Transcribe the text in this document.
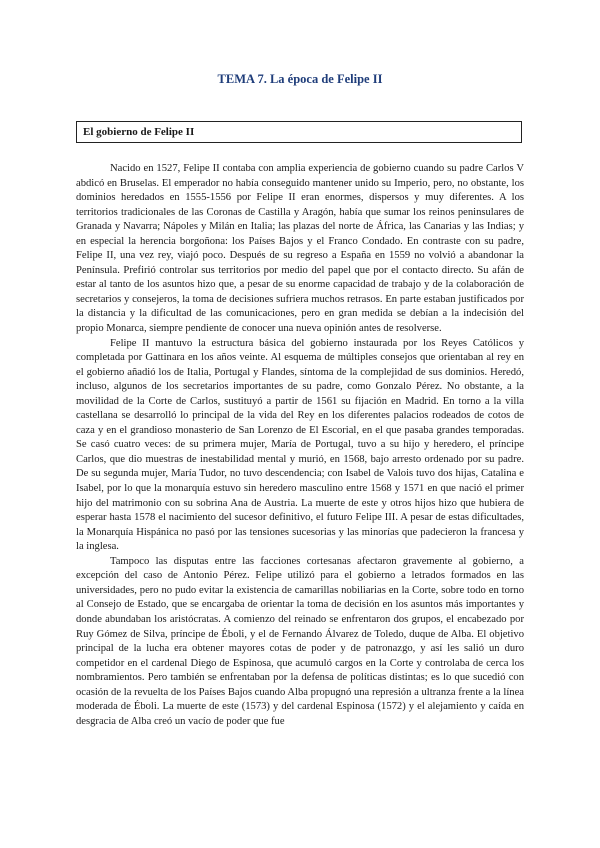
TEMA 7. La época de Felipe II
El gobierno de Felipe II

Nacido en 1527, Felipe II contaba con amplia experiencia de gobierno cuando su padre Carlos V abdicó en Bruselas. El emperador no había conseguido mantener unido su Imperio, pero, no obstante, los dominios heredados en 1555-1556 por Felipe II eran enormes, dispersos y muy diferentes. A los territorios tradicionales de las Coronas de Castilla y Aragón, había que sumar los reinos peninsulares de Granada y Navarra; Nápoles y Milán en Italia; las plazas del norte de África, las Canarias y las Indias; y en especial la herencia borgoñona: los Países Bajos y el Franco Condado. En contraste con su padre, Felipe II, una vez rey, viajó poco. Después de su regreso a España en 1559 no volvió a abandonar la Península. Prefirió controlar sus territorios por medio del papel que por el contacto directo. Su afán de estar al tanto de los asuntos hizo que, a pesar de su enorme capacidad de trabajo y de la colaboración de secretarios y consejeros, la toma de decisiones sufriera muchos retrasos. En parte estaban justificados por la distancia y la dificultad de las comunicaciones, pero en gran medida se debían a la indecisión del propio Monarca, siempre pendiente de conocer una nueva opinión antes de resolverse.

Felipe II mantuvo la estructura básica del gobierno instaurada por los Reyes Católicos y completada por Gattinara en los años veinte. Al esquema de múltiples consejos que orientaban al rey en el gobierno añadió los de Italia, Portugal y Flandes, síntoma de la complejidad de sus dominios. Heredó, incluso, algunos de los secretarios importantes de su padre, como Gonzalo Pérez. No obstante, a la movilidad de la Corte de Carlos, sustituyó a partir de 1561 su fijación en Madrid. En torno a la villa castellana se desarrolló lo principal de la vida del Rey en los diferentes palacios rodeados de cotos de caza y en el grandioso monasterio de San Lorenzo de El Escorial, en el que pasaba grandes temporadas. Se casó cuatro veces: de su primera mujer, María de Portugal, tuvo a su hijo y heredero, el príncipe Carlos, que dio muestras de inestabilidad mental y murió, en 1568, bajo arresto ordenado por su padre. De su segunda mujer, María Tudor, no tuvo descendencia; con Isabel de Valois tuvo dos hijas, Catalina e Isabel, por lo que la monarquía estuvo sin heredero masculino entre 1568 y 1571 en que nació el primer hijo del matrimonio con su sobrina Ana de Austria. La muerte de este y otros hijos hizo que hubiera de esperar hasta 1578 el nacimiento del sucesor definitivo, el futuro Felipe III. A pesar de estas dificultades, la Monarquía Hispánica no pasó por las tensiones sucesorias y las minorías que padecieron la francesa y la inglesa.

Tampoco las disputas entre las facciones cortesanas afectaron gravemente al gobierno, a excepción del caso de Antonio Pérez. Felipe utilizó para el gobierno a letrados formados en las universidades, pero no pudo evitar la existencia de camarillas nobiliarias en la Corte, sobre todo en torno al Consejo de Estado, que se encargaba de orientar la toma de decisión en los asuntos más importantes y donde abundaban los aristócratas. A comienzo del reinado se enfrentaron dos grupos, el encabezado por Ruy Gómez de Silva, príncipe de Éboli, y el de Fernando Álvarez de Toledo, duque de Alba. El objetivo principal de la lucha era obtener mayores cotas de poder y de patronazgo, y así les salió un duro competidor en el cardenal Diego de Espinosa, que acumuló cargos en la Corte y controlaba de cerca los nombramientos. Pero también se enfrentaban por la defensa de políticas distintas; es lo que sucedió con ocasión de la revuelta de los Países Bajos cuando Alba propugnó una represión a ultranza frente a la línea moderada de Éboli. La muerte de este (1573) y del cardenal Espinosa (1572) y el alejamiento y caída en desgracia de Alba creó un vacío de poder que fue
